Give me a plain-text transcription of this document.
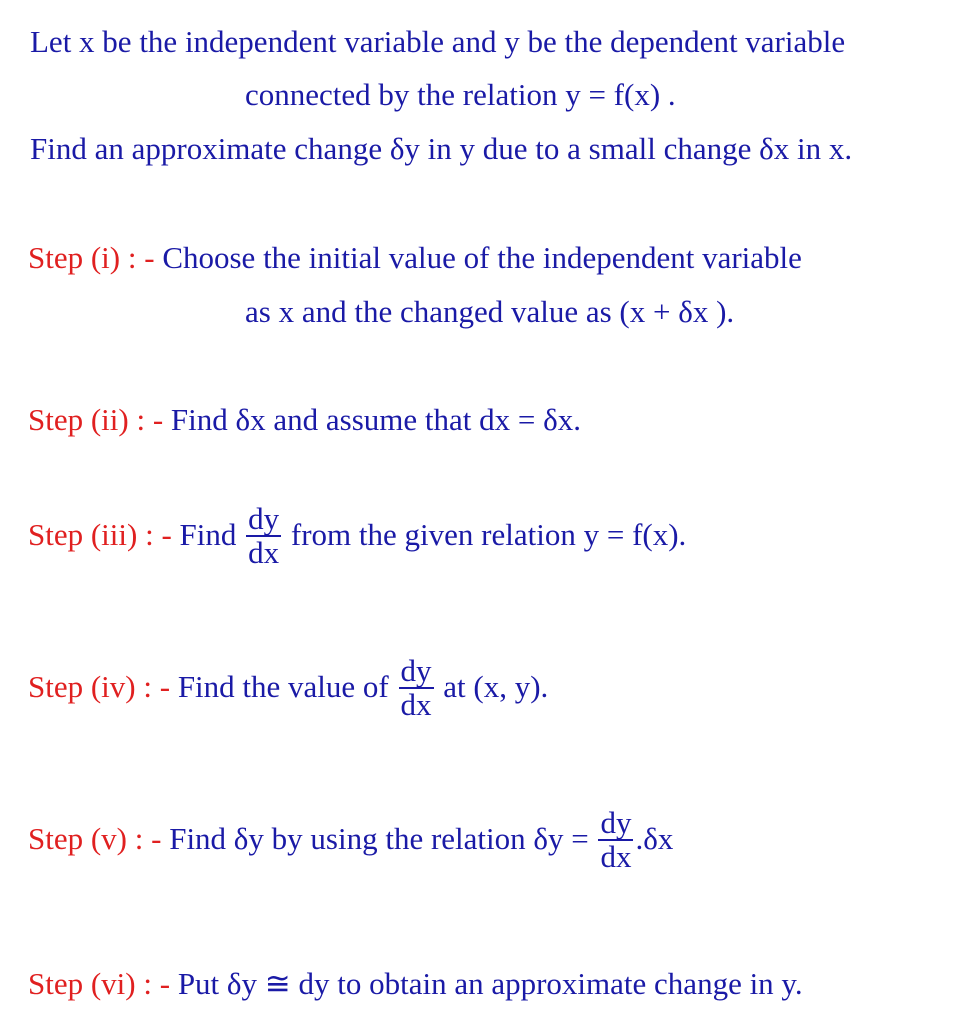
Let x be the independent variable and y be the dependent variable
connected by the relation y = f(x) .
Find an approximate change δy in y due to a small change δx in x.
Step (i) : - Choose the initial value of the independent variable
as x and the changed value as (x + δx ).
Step (ii) : - Find δx and assume that dx = δx.
Step (iii) : - Find $\frac{dy}{dx}$ from the given relation y = f(x).
Step (iv) : - Find the value of $\frac{dy}{dx}$ at (x, y).
Step (v) : - Find δy by using the relation $\delta y = \frac{dy}{dx} .\delta x$
Step (vi) : - Put δy ≅ dy to obtain an approximate change in y.
